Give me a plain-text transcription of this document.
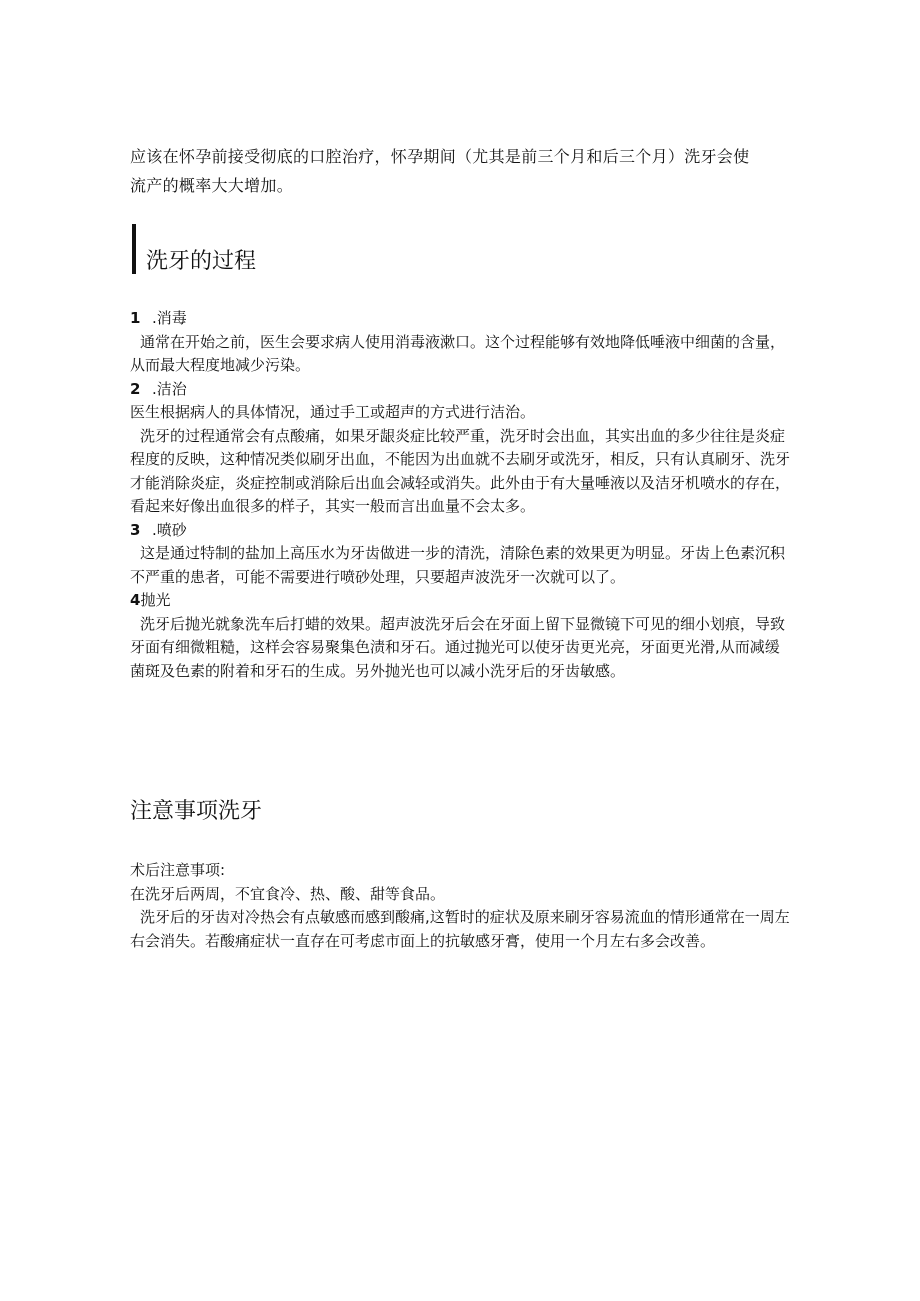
应该在怀孕前接受彻底的口腔治疗，怀孕期间（尤其是前三个月和后三个月）洗牙会使
流产的概率大大增加。
洗牙的过程

1 .消毒

通常在开始之前，医生会要求病人使用消毒液漱口。这个过程能够有效地降低唾液中细菌的含量，从而最大程度地减少污染。

2 .洁治

医生根据病人的具体情况，通过手工或超声的方式进行洁治。

洗牙的过程通常会有点酸痛，如果牙龈炎症比较严重，洗牙时会出血，其实出血的多少往往是炎症程度的反映，这种情况类似刷牙出血，不能因为出血就不去刷牙或洗牙，相反，只有认真刷牙、洗牙才能消除炎症，炎症控制或消除后出血会减轻或消失。此外由于有大量唾液以及洁牙机喷水的存在，看起来好像出血很多的样子，其实一般而言出血量不会太多。

3 .喷砂

这是通过特制的盐加上高压水为牙齿做进一步的清洗，清除色素的效果更为明显。牙齿上色素沉积不严重的患者，可能不需要进行喷砂处理，只要超声波洗牙一次就可以了。

4抛光

洗牙后抛光就象洗车后打蜡的效果。超声波洗牙后会在牙面上留下显微镜下可见的细小划痕，导致牙面有细微粗糙，这样会容易聚集色渍和牙石。通过抛光可以使牙齿更光亮，牙面更光滑,从而减缓菌斑及色素的附着和牙石的生成。另外抛光也可以减小洗牙后的牙齿敏感。

注意事项洗牙

术后注意事项:

在洗牙后两周，不宜食冷、热、酸、甜等食品。

洗牙后的牙齿对冷热会有点敏感而感到酸痛,这暂时的症状及原来刷牙容易流血的情形通常在一周左右会消失。若酸痛症状一直存在可考虑市面上的抗敏感牙膏，使用一个月左右多会改善。
